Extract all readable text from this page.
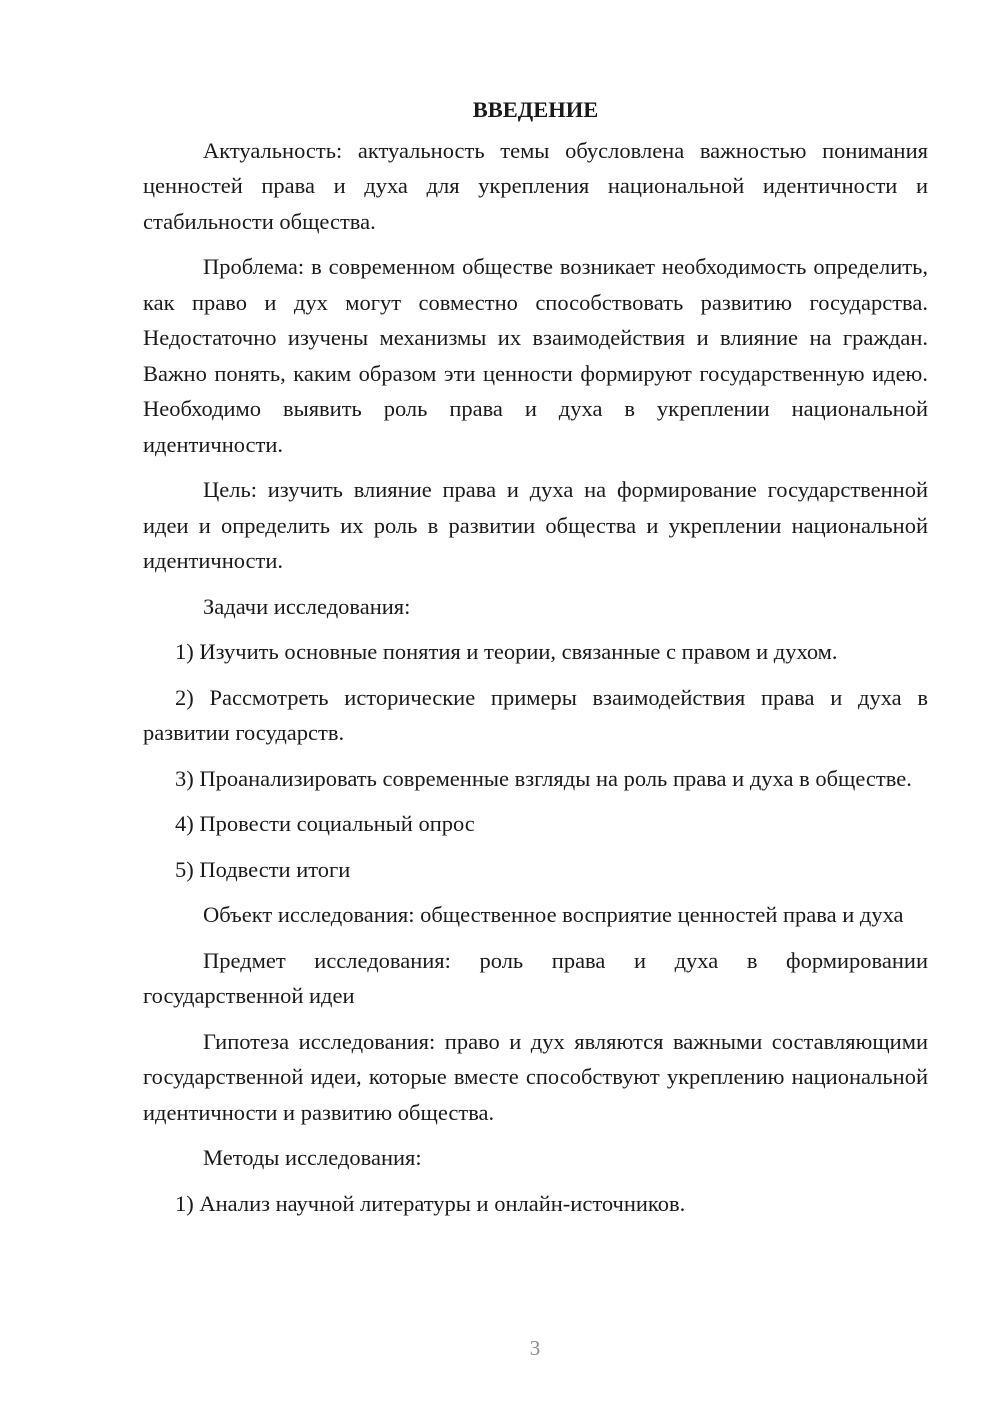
ВВЕДЕНИЕ

Актуальность: актуальность темы обусловлена важностью понимания ценностей права и духа для укрепления национальной идентичности и стабильности общества.

Проблема: в современном обществе возникает необходимость определить, как право и дух могут совместно способствовать развитию государства. Недостаточно изучены механизмы их взаимодействия и влияние на граждан. Важно понять, каким образом эти ценности формируют государственную идею. Необходимо выявить роль права и духа в укреплении национальной идентичности.

Цель: изучить влияние права и духа на формирование государственной идеи и определить их роль в развитии общества и укреплении национальной идентичности.

Задачи исследования:

1) Изучить основные понятия и теории, связанные с правом и духом.

2) Рассмотреть исторические примеры взаимодействия права и духа в развитии государств.

3) Проанализировать современные взгляды на роль права и духа в обществе.

4) Провести социальный опрос

5) Подвести итоги

Объект исследования: общественное восприятие ценностей права и духа

Предмет исследования: роль права и духа в формировании государственной идеи

Гипотеза исследования: право и дух являются важными составляющими государственной идеи, которые вместе способствуют укреплению национальной идентичности и развитию общества.

Методы исследования:

1) Анализ научной литературы и онлайн-источников.

3
